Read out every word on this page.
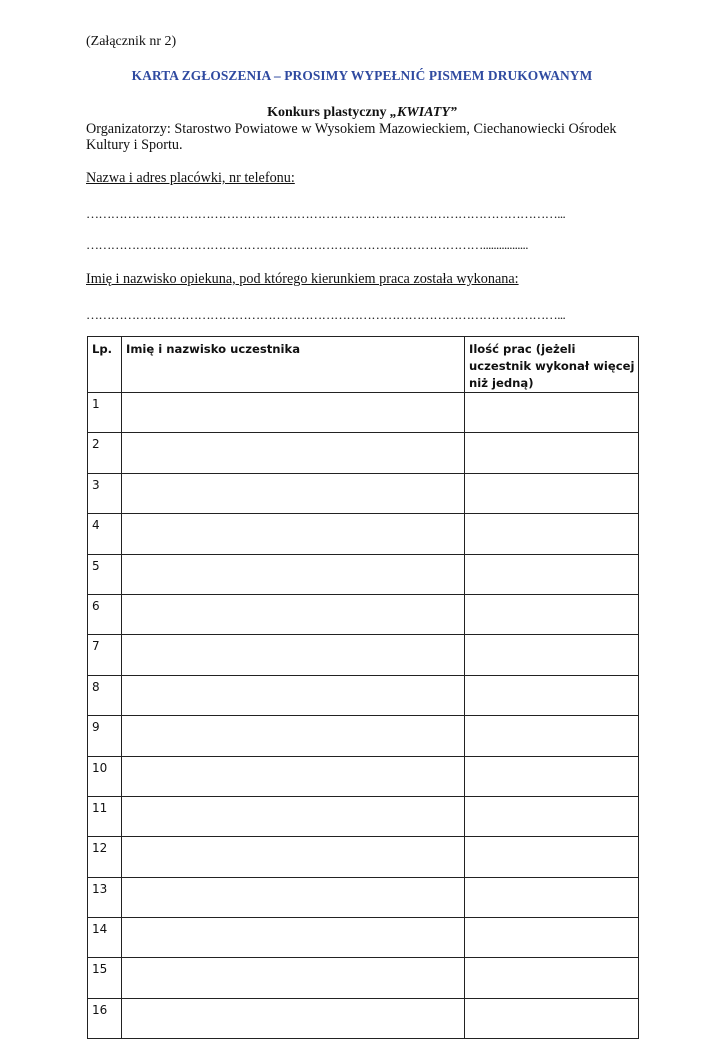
(Załącznik nr 2)
KARTA ZGŁOSZENIA – PROSIMY WYPEŁNIĆ PISMEM DRUKOWANYM
Konkurs plastyczny „KWIATY”
Organizatorzy: Starostwo Powiatowe w Wysokiem Mazowieckiem, Ciechanowiecki Ośrodek Kultury i Sportu.
Nazwa i adres placówki, nr telefonu:
……………………………………………………………………………………………………...
…………………………………………………………………………………….................
Imię i nazwisko opiekuna, pod którego kierunkiem praca została wykonana:
……………………………………………………………………………………………………...
Lp.	Imię i nazwisko uczestnika	Ilość prac (jeżeli uczestnik wykonał więcej niż jedną)
1		
2		
3		
4		
5		
6		
7		
8		
9		
10		
11		
12		
13		
14		
15		
16		
